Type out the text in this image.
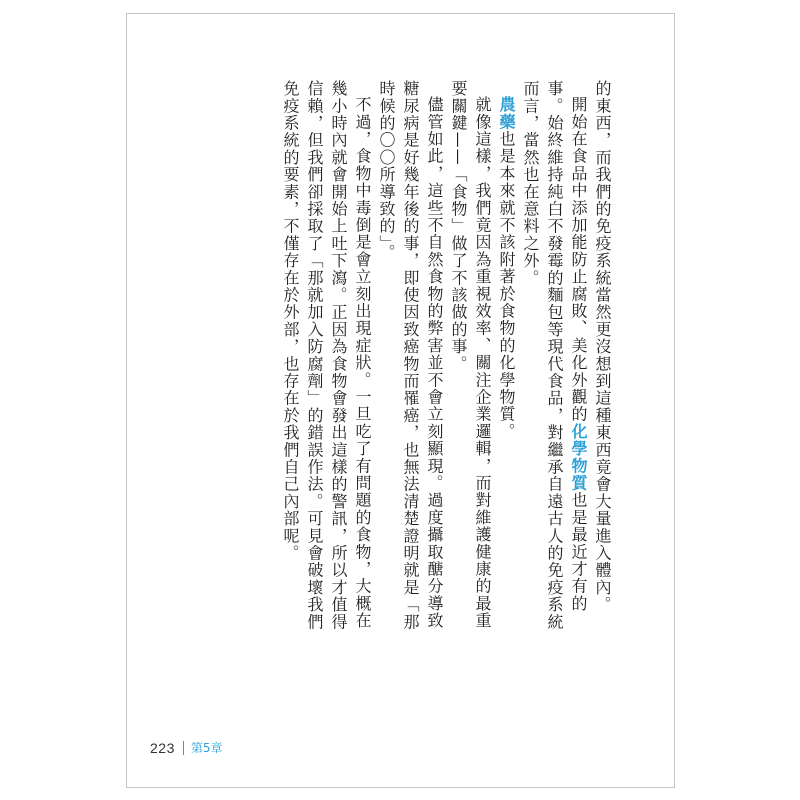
的東西，而我們的免疫系統當然更沒想到這種東西竟會大量進入體內。

開始在食品中添加能防止腐敗、美化外觀的化學物質也是最近才有的事。始終維持純白不發霉的麵包等現代食品，對繼承自遠古人的免疫系統而言，當然也在意料之外。

農藥也是本來就不該附著於食物的化學物質。

就像這樣，我們竟因為重視效率、關注企業邏輯，而對維護健康的最重要關鍵——「食物」做了不該做的事。

儘管如此，這些不自然食物的弊害並不會立刻顯現。過度攝取醣分導致糖尿病是好幾年後的事，即使因致癌物而罹癌，也無法清楚證明就是「那時候的〇〇所導致的」。

不過，食物中毒倒是會立刻出現症狀。一旦吃了有問題的食物，大概在幾小時內就會開始上吐下瀉。正因為食物會發出這樣的警訊，所以才值得信賴，但我們卻採取了「那就加入防腐劑」的錯誤作法。可見會破壞我們免疫系統的要素，不僅存在於外部，也存在於我們自己內部呢。

223 第5章
